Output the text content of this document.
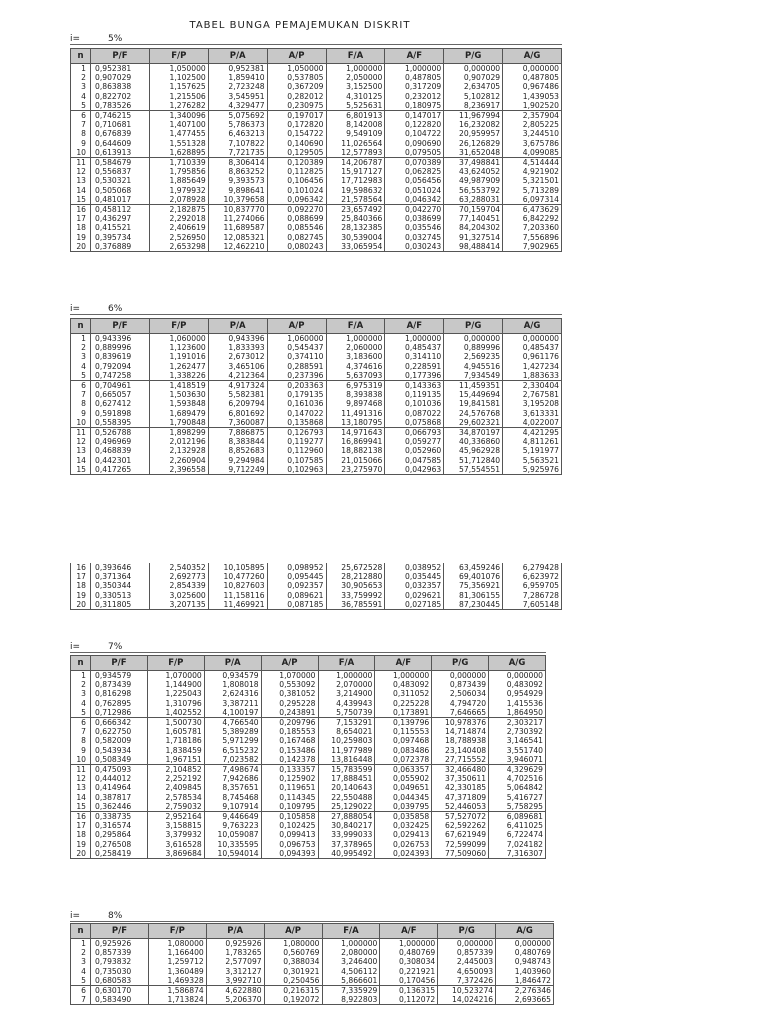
TABEL BUNGA PEMAJEMUKAN DISKRIT
i=	5%
n	P/F	F/P	P/A	A/P	F/A	A/F	P/G	A/G
1	0,952381	1,050000	0,952381	1,050000	1,000000	1,000000	0,000000	0,000000
2	0,907029	1,102500	1,859410	0,537805	2,050000	0,487805	0,907029	0,487805
3	0,863838	1,157625	2,723248	0,367209	3,152500	0,317209	2,634705	0,967486
4	0,822702	1,215506	3,545951	0,282012	4,310125	0,232012	5,102812	1,439053
5	0,783526	1,276282	4,329477	0,230975	5,525631	0,180975	8,236917	1,902520
6	0,746215	1,340096	5,075692	0,197017	6,801913	0,147017	11,967994	2,357904
7	0,710681	1,407100	5,786373	0,172820	8,142008	0,122820	16,232082	2,805225
8	0,676839	1,477455	6,463213	0,154722	9,549109	0,104722	20,959957	3,244510
9	0,644609	1,551328	7,107822	0,140690	11,026564	0,090690	26,126829	3,675786
10	0,613913	1,628895	7,721735	0,129505	12,577893	0,079505	31,652048	4,099085
11	0,584679	1,710339	8,306414	0,120389	14,206787	0,070389	37,498841	4,514444
12	0,556837	1,795856	8,863252	0,112825	15,917127	0,062825	43,624052	4,921902
13	0,530321	1,885649	9,393573	0,106456	17,712983	0,056456	49,987909	5,321501
14	0,505068	1,979932	9,898641	0,101024	19,598632	0,051024	56,553792	5,713289
15	0,481017	2,078928	10,379658	0,096342	21,578564	0,046342	63,288031	6,097314
16	0,458112	2,182875	10,837770	0,092270	23,657492	0,042270	70,159704	6,473629
17	0,436297	2,292018	11,274066	0,088699	25,840366	0,038699	77,140451	6,842292
18	0,415521	2,406619	11,689587	0,085546	28,132385	0,035546	84,204302	7,203360
19	0,395734	2,526950	12,085321	0,082745	30,539004	0,032745	91,327514	7,556896
20	0,376889	2,653298	12,462210	0,080243	33,065954	0,030243	98,488414	7,902965
i=	6%
n	P/F	F/P	P/A	A/P	F/A	A/F	P/G	A/G
1	0,943396	1,060000	0,943396	1,060000	1,000000	1,000000	0,000000	0,000000
2	0,889996	1,123600	1,833393	0,545437	2,060000	0,485437	0,889996	0,485437
3	0,839619	1,191016	2,673012	0,374110	3,183600	0,314110	2,569235	0,961176
4	0,792094	1,262477	3,465106	0,288591	4,374616	0,228591	4,945516	1,427234
5	0,747258	1,338226	4,212364	0,237396	5,637093	0,177396	7,934549	1,883633
6	0,704961	1,418519	4,917324	0,203363	6,975319	0,143363	11,459351	2,330404
7	0,665057	1,503630	5,582381	0,179135	8,393838	0,119135	15,449694	2,767581
8	0,627412	1,593848	6,209794	0,161036	9,897468	0,101036	19,841581	3,195208
9	0,591898	1,689479	6,801692	0,147022	11,491316	0,087022	24,576768	3,613331
10	0,558395	1,790848	7,360087	0,135868	13,180795	0,075868	29,602321	4,022007
11	0,526788	1,898299	7,886875	0,126793	14,971643	0,066793	34,870197	4,421295
12	0,496969	2,012196	8,383844	0,119277	16,869941	0,059277	40,336860	4,811261
13	0,468839	2,132928	8,852683	0,112960	18,882138	0,052960	45,962928	5,191977
14	0,442301	2,260904	9,294984	0,107585	21,015066	0,047585	51,712840	5,563521
15	0,417265	2,396558	9,712249	0,102963	23,275970	0,042963	57,554551	5,925976
16	0,393646	2,540352	10,105895	0,098952	25,672528	0,038952	63,459246	6,279428
17	0,371364	2,692773	10,477260	0,095445	28,212880	0,035445	69,401076	6,623972
18	0,350344	2,854339	10,827603	0,092357	30,905653	0,032357	75,356921	6,959705
19	0,330513	3,025600	11,158116	0,089621	33,759992	0,029621	81,306155	7,286728
20	0,311805	3,207135	11,469921	0,087185	36,785591	0,027185	87,230445	7,605148
i=	7%
n	P/F	F/P	P/A	A/P	F/A	A/F	P/G	A/G
1	0,934579	1,070000	0,934579	1,070000	1,000000	1,000000	0,000000	0,000000
2	0,873439	1,144900	1,808018	0,553092	2,070000	0,483092	0,873439	0,483092
3	0,816298	1,225043	2,624316	0,381052	3,214900	0,311052	2,506034	0,954929
4	0,762895	1,310796	3,387211	0,295228	4,439943	0,225228	4,794720	1,415536
5	0,712986	1,402552	4,100197	0,243891	5,750739	0,173891	7,646665	1,864950
6	0,666342	1,500730	4,766540	0,209796	7,153291	0,139796	10,978376	2,303217
7	0,622750	1,605781	5,389289	0,185553	8,654021	0,115553	14,714874	2,730392
8	0,582009	1,718186	5,971299	0,167468	10,259803	0,097468	18,788938	3,146541
9	0,543934	1,838459	6,515232	0,153486	11,977989	0,083486	23,140408	3,551740
10	0,508349	1,967151	7,023582	0,142378	13,816448	0,072378	27,715552	3,946071
11	0,475093	2,104852	7,498674	0,133357	15,783599	0,063357	32,466480	4,329629
12	0,444012	2,252192	7,942686	0,125902	17,888451	0,055902	37,350611	4,702516
13	0,414964	2,409845	8,357651	0,119651	20,140643	0,049651	42,330185	5,064842
14	0,387817	2,578534	8,745468	0,114345	22,550488	0,044345	47,371809	5,416727
15	0,362446	2,759032	9,107914	0,109795	25,129022	0,039795	52,446053	5,758295
16	0,338735	2,952164	9,446649	0,105858	27,888054	0,035858	57,527072	6,089681
17	0,316574	3,158815	9,763223	0,102425	30,840217	0,032425	62,592262	6,411025
18	0,295864	3,379932	10,059087	0,099413	33,999033	0,029413	67,621949	6,722474
19	0,276508	3,616528	10,335595	0,096753	37,378965	0,026753	72,599099	7,024182
20	0,258419	3,869684	10,594014	0,094393	40,995492	0,024393	77,509060	7,316307
i=	8%
n	P/F	F/P	P/A	A/P	F/A	A/F	P/G	A/G
1	0,925926	1,080000	0,925926	1,080000	1,000000	1,000000	0,000000	0,000000
2	0,857339	1,166400	1,783265	0,560769	2,080000	0,480769	0,857339	0,480769
3	0,793832	1,259712	2,577097	0,388034	3,246400	0,308034	2,445003	0,948743
4	0,735030	1,360489	3,312127	0,301921	4,506112	0,221921	4,650093	1,403960
5	0,680583	1,469328	3,992710	0,250456	5,866601	0,170456	7,372426	1,846472
6	0,630170	1,586874	4,622880	0,216315	7,335929	0,136315	10,523274	2,276346
7	0,583490	1,713824	5,206370	0,192072	8,922803	0,112072	14,024216	2,693665
